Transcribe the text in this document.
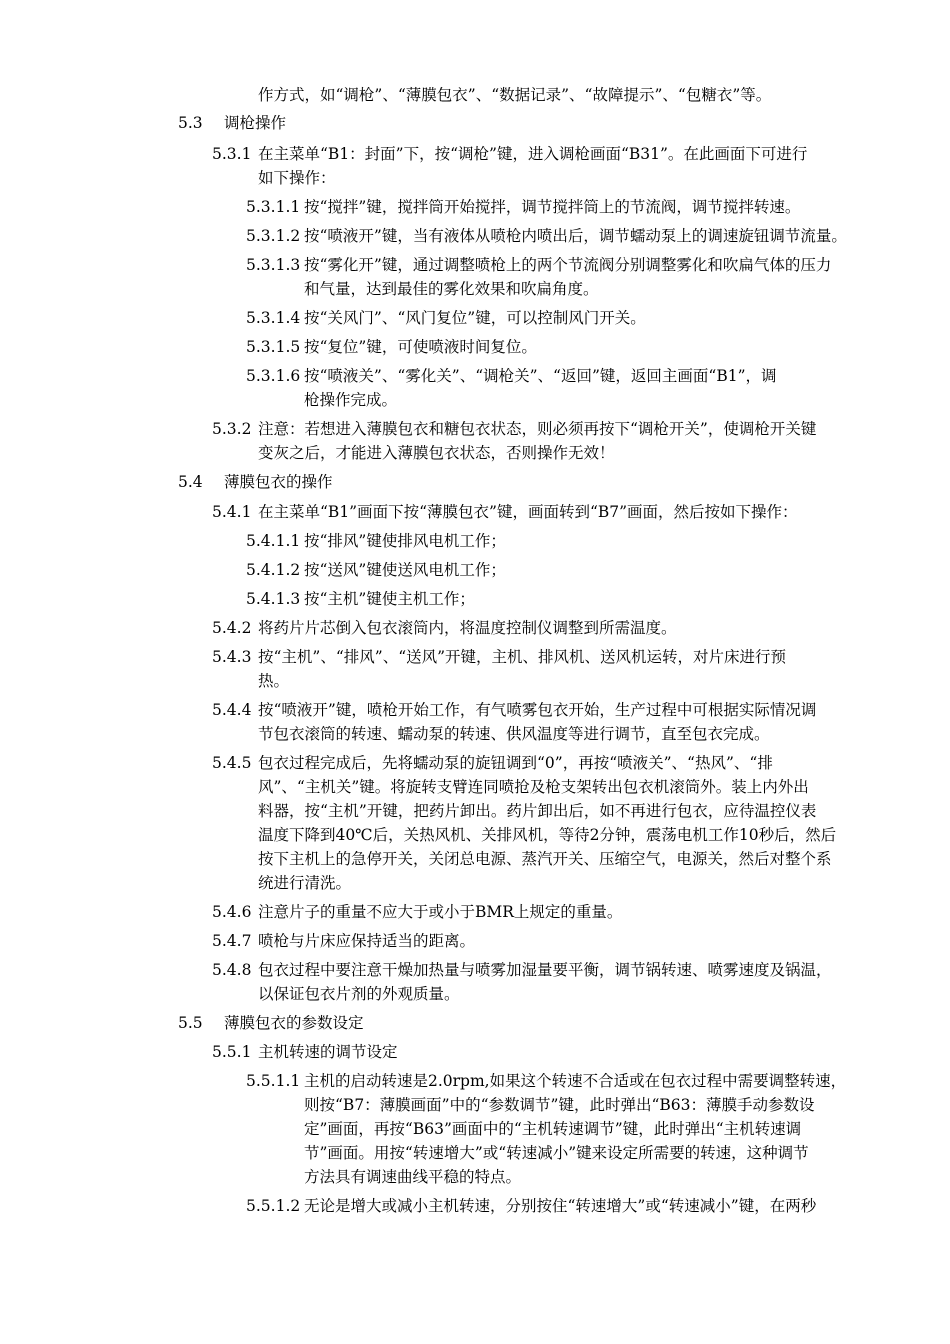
作方式，如“调枪”、“薄膜包衣”、“数据记录”、“故障提示”、“包糖衣”等。
5.3 调枪操作
5.3.1 在主菜单“B1：封面”下，按“调枪”键，进入调枪画面“B31”。在此画面下可进行
如下操作：
5.3.1.1 按“搅拌”键，搅拌筒开始搅拌，调节搅拌筒上的节流阀，调节搅拌转速。
5.3.1.2 按“喷液开”键，当有液体从喷枪内喷出后，调节蠕动泵上的调速旋钮调节流量。
5.3.1.3 按“雾化开”键，通过调整喷枪上的两个节流阀分别调整雾化和吹扁气体的压力
和气量，达到最佳的雾化效果和吹扁角度。
5.3.1.4 按“关风门”、“风门复位”键，可以控制风门开关。
5.3.1.5 按“复位”键，可使喷液时间复位。
5.3.1.6 按“喷液关”、“雾化关”、“调枪关”、“返回”键，返回主画面“B1”，调
枪操作完成。
5.3.2 注意：若想进入薄膜包衣和糖包衣状态，则必须再按下“调枪开关”，使调枪开关键
变灰之后，才能进入薄膜包衣状态，否则操作无效！
5.4 薄膜包衣的操作
5.4.1 在主菜单“B1”画面下按“薄膜包衣”键，画面转到“B7”画面，然后按如下操作：
5.4.1.1 按“排风”键使排风电机工作；
5.4.1.2 按“送风”键使送风电机工作；
5.4.1.3 按“主机”键使主机工作；
5.4.2 将药片片芯倒入包衣滚筒内，将温度控制仪调整到所需温度。
5.4.3 按“主机”、“排风”、“送风”开键，主机、排风机、送风机运转，对片床进行预
热。
5.4.4 按“喷液开”键，喷枪开始工作，有气喷雾包衣开始，生产过程中可根据实际情况调
节包衣滚筒的转速、蠕动泵的转速、供风温度等进行调节，直至包衣完成。
5.4.5 包衣过程完成后，先将蠕动泵的旋钮调到“0”，再按“喷液关”、“热风”、“排
风”、“主机关”键。将旋转支臂连同喷抢及枪支架转出包衣机滚筒外。装上内外出
料器，按“主机”开键，把药片卸出。药片卸出后，如不再进行包衣，应待温控仪表
温度下降到40℃后，关热风机、关排风机，等待2分钟，震荡电机工作10秒后，然后
按下主机上的急停开关，关闭总电源、蒸汽开关、压缩空气，电源关，然后对整个系
统进行清洗。
5.4.6 注意片子的重量不应大于或小于BMR上规定的重量。
5.4.7 喷枪与片床应保持适当的距离。
5.4.8 包衣过程中要注意干燥加热量与喷雾加湿量要平衡，调节锅转速、喷雾速度及锅温，
以保证包衣片剂的外观质量。
5.5 薄膜包衣的参数设定
5.5.1 主机转速的调节设定
5.5.1.1 主机的启动转速是2.0rpm,如果这个转速不合适或在包衣过程中需要调整转速，
则按“B7：薄膜画面”中的“参数调节”键，此时弹出“B63：薄膜手动参数设
定”画面，再按“B63”画面中的“主机转速调节”键，此时弹出“主机转速调
节”画面。用按“转速增大”或“转速减小”键来设定所需要的转速，这种调节
方法具有调速曲线平稳的特点。
5.5.1.2 无论是增大或减小主机转速，分别按住“转速增大”或“转速减小”键，在两秒
